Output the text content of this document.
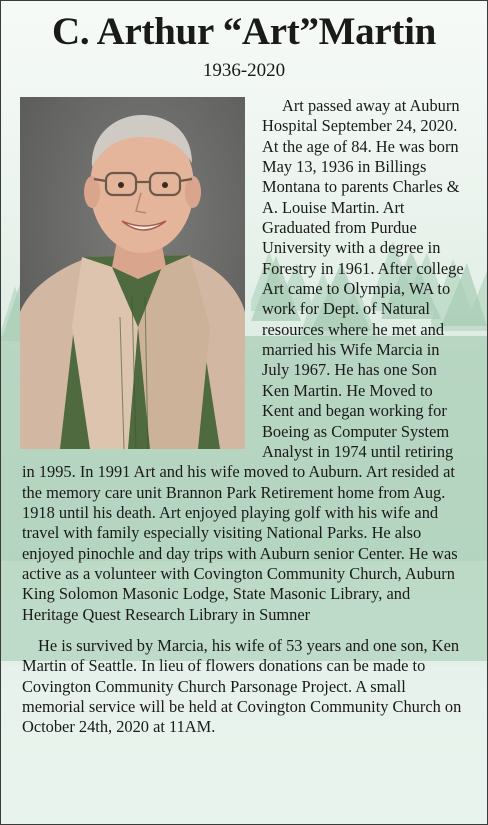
C. Arthur “Art”Martin
1936-2020

Art passed away at Auburn Hospital September 24, 2020. At the age of 84. He was born May 13, 1936 in Billings Montana to parents Charles & A. Louise Martin. Art Graduated from Purdue University with a degree in Forestry in 1961. After college Art came to Olympia, WA to work for Dept. of Natural resources where he met and married his Wife Marcia in July 1967. He has one Son Ken Martin. He Moved to Kent and began working for Boeing as Computer System Analyst in 1974 until retiring in 1995. In 1991 Art and his wife moved to Auburn. Art resided at the memory care unit Brannon Park Retirement home from Aug. 1918 until his death. Art enjoyed playing golf with his wife and travel with family especially visiting National Parks. He also enjoyed pinochle and day trips with Auburn senior Center. He was active as a volunteer with Covington Community Church, Auburn King Solomon Masonic Lodge, State Masonic Library, and Heritage Quest Research Library in Sumner

He is survived by Marcia, his wife of 53 years and one son, Ken Martin of Seattle. In lieu of flowers donations can be made to Covington Community Church Parsonage Project. A small memorial service will be held at Covington Community Church on October 24th, 2020 at 11AM.
